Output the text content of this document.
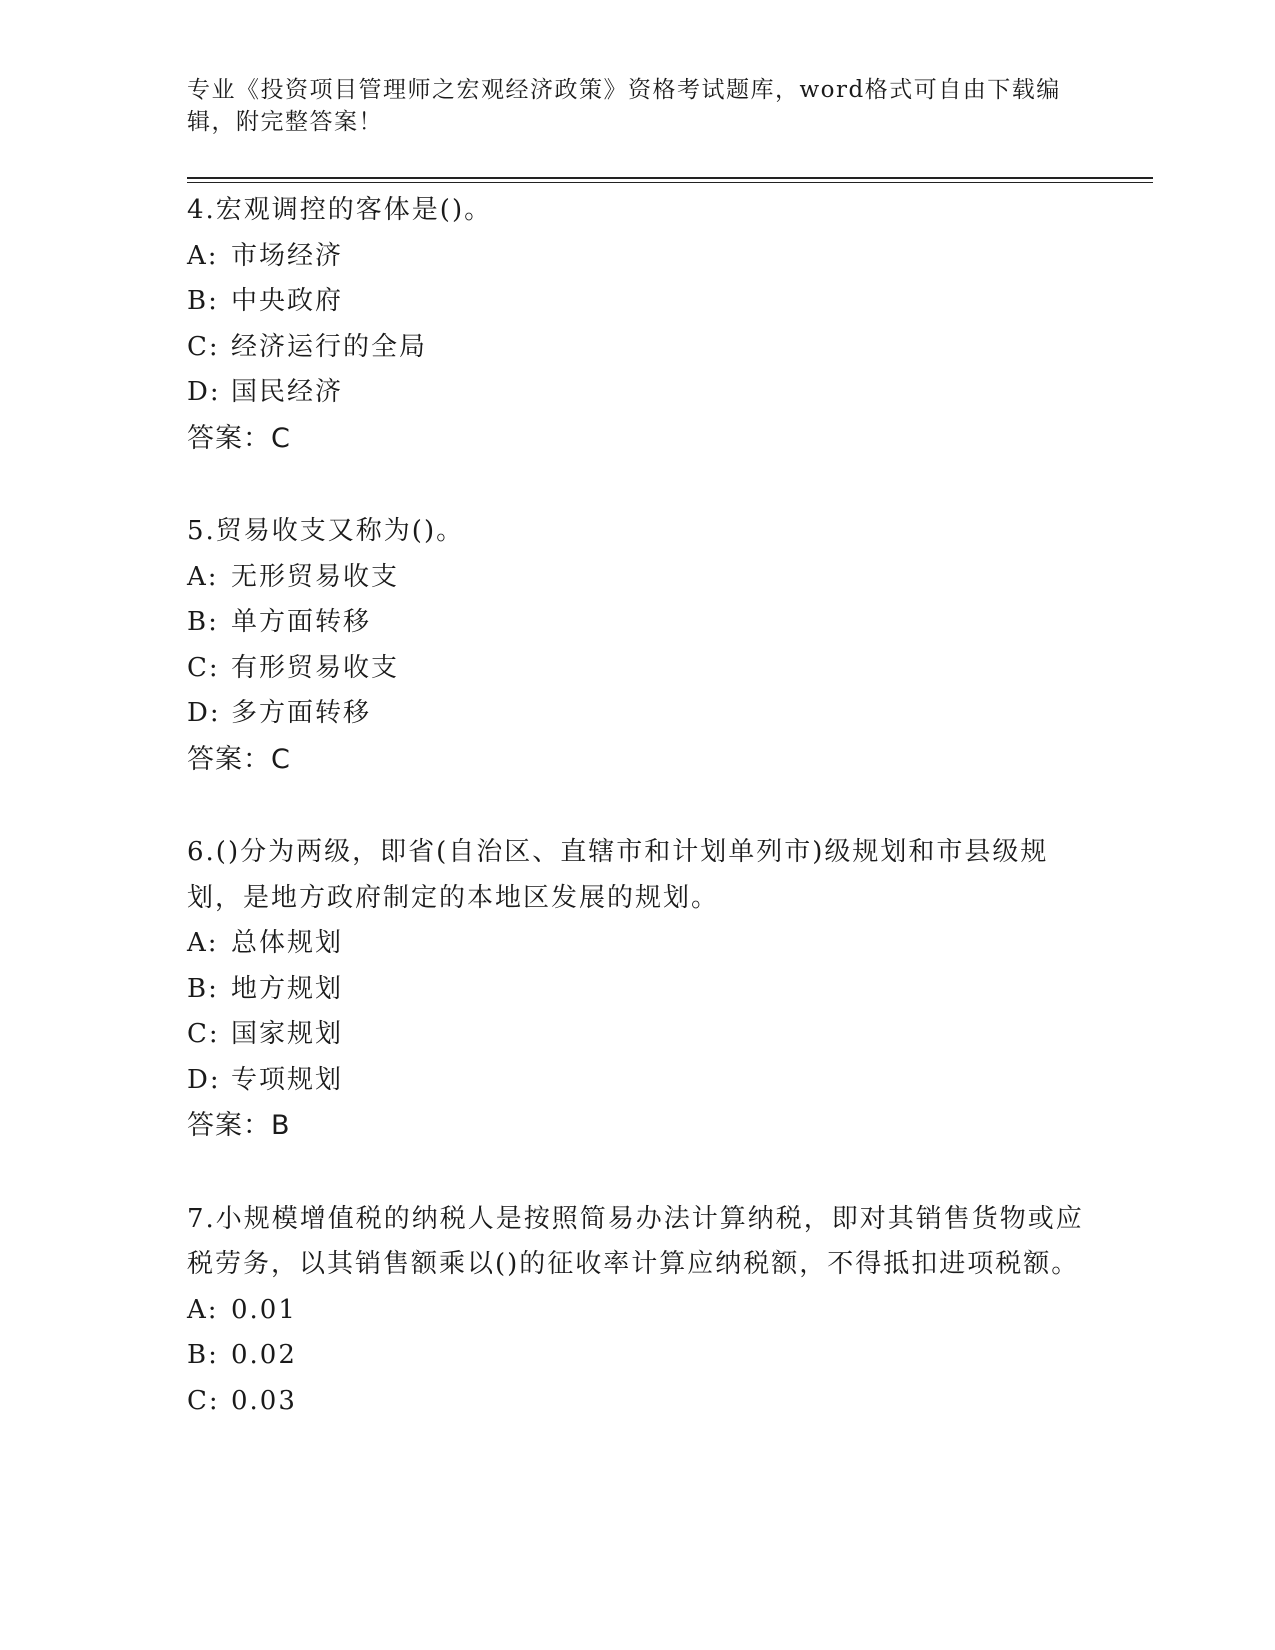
专业《投资项目管理师之宏观经济政策》资格考试题库，word格式可自由下载编
辑，附完整答案！
4.宏观调控的客体是()。
A: 市场经济
B: 中央政府
C: 经济运行的全局
D: 国民经济
答案：C
5.贸易收支又称为()。
A: 无形贸易收支
B: 单方面转移
C: 有形贸易收支
D: 多方面转移
答案：C
6.()分为两级，即省(自治区、直辖市和计划单列市)级规划和市县级规划，是地方政府制定的本地区发展的规划。
A: 总体规划
B: 地方规划
C: 国家规划
D: 专项规划
答案：B
7.小规模增值税的纳税人是按照简易办法计算纳税，即对其销售货物或应税劳务，以其销售额乘以()的征收率计算应纳税额，不得抵扣进项税额。
A: 0.01
B: 0.02
C: 0.03
